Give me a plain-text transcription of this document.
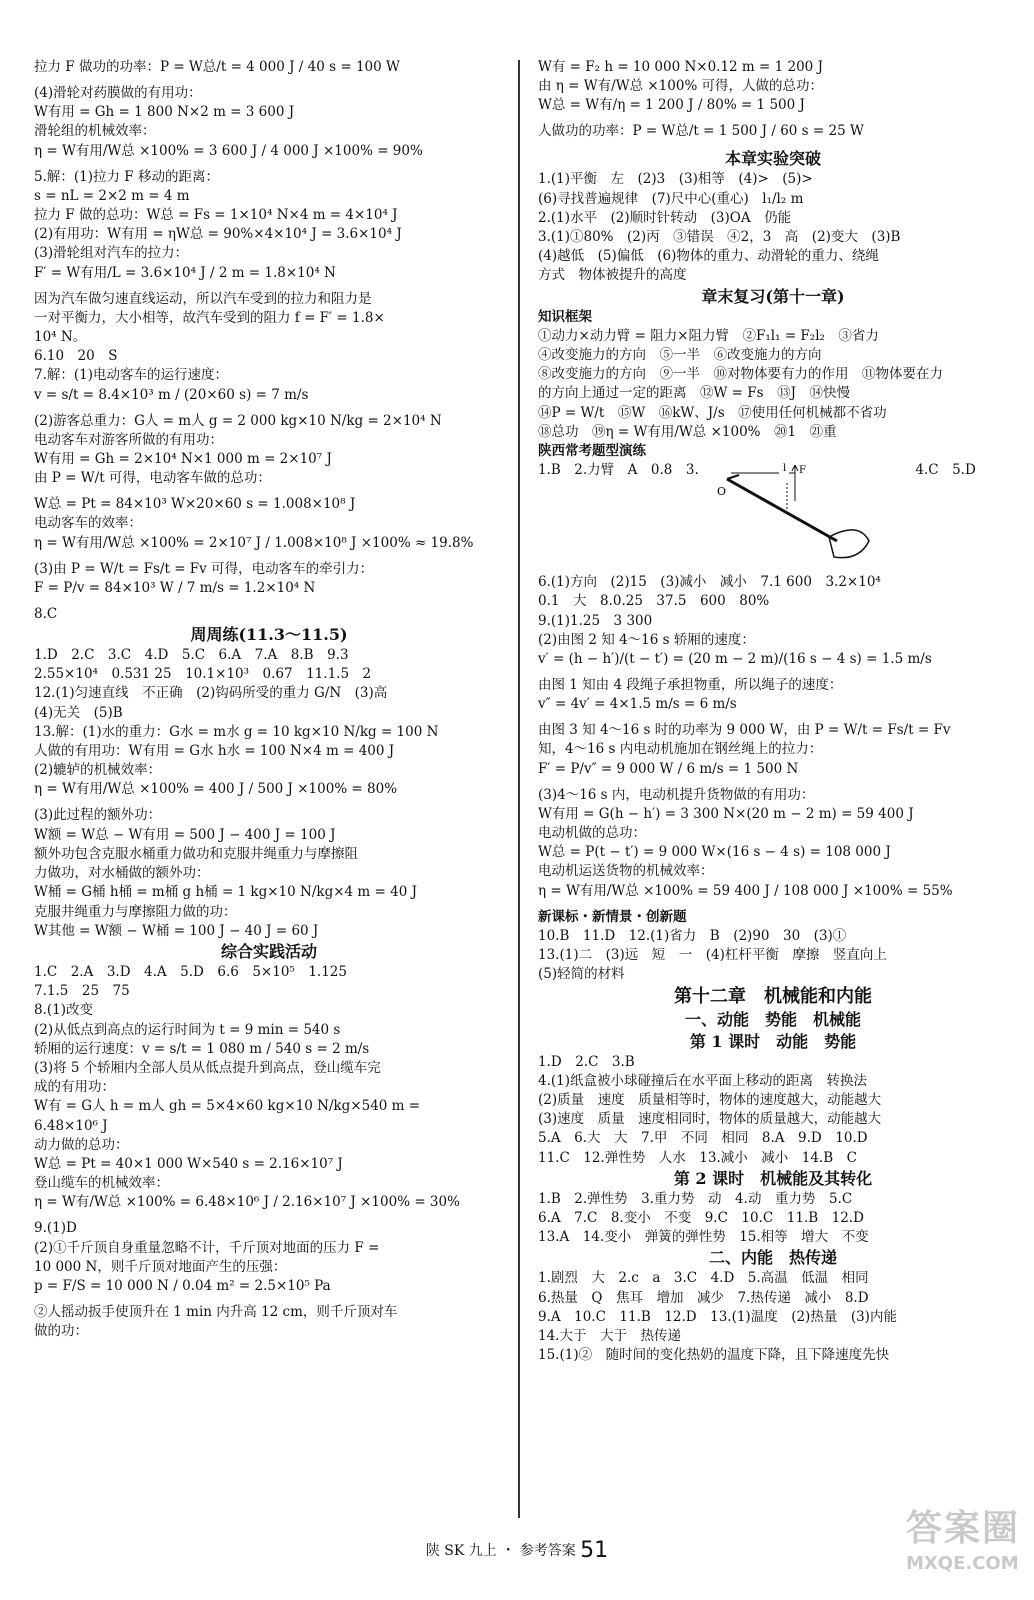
拉力 F 做功的功率：P = W总/t = 4 000 J / 40 s = 100 W
(4)滑轮对药膜做的有用功：
W有用 = Gh = 1 800 N×2 m = 3 600 J
滑轮组的机械效率：
η = W有用/W总 ×100% = 3 600 J / 4 000 J ×100% = 90%
5.解：(1)拉力 F 移动的距离：
s = nL = 2×2 m = 4 m
拉力 F 做的总功：W总 = Fs = 1×10⁴ N×4 m = 4×10⁴ J
(2)有用功：W有用 = ηW总 = 90%×4×10⁴ J = 3.6×10⁴ J
(3)滑轮组对汽车的拉力：
F′ = W有用/L = 3.6×10⁴ J / 2 m = 1.8×10⁴ N
因为汽车做匀速直线运动，所以汽车受到的拉力和阻力是
一对平衡力，大小相等，故汽车受到的阻力 f = F′ = 1.8×
10⁴ N。
6.10　20　S
7.解：(1)电动客车的运行速度：
v = s/t = 8.4×10³ m / (20×60 s) = 7 m/s
(2)游客总重力：G人 = m人 g = 2 000 kg×10 N/kg = 2×10⁴ N
电动客车对游客所做的有用功：
W有用 = Gh = 2×10⁴ N×1 000 m = 2×10⁷ J
由 P = W/t 可得，电动客车做的总功：
W总 = Pt = 84×10³ W×20×60 s = 1.008×10⁸ J
电动客车的效率：
η = W有用/W总 ×100% = 2×10⁷ J / 1.008×10⁸ J ×100% ≈ 19.8%
(3)由 P = W/t = Fs/t = Fv 可得，电动客车的牵引力：
F = P/v = 84×10³ W / 7 m/s = 1.2×10⁴ N
8.C
周周练(11.3～11.5)
1.D　2.C　3.C　4.D　5.C　6.A　7.A　8.B　9.3
2.55×10⁴　0.531 25　10.1×10³　0.67　11.1.5　2
12.(1)匀速直线　不正确　(2)钩码所受的重力 G/N　(3)高
(4)无关　(5)B
13.解：(1)水的重力：G水 = m水 g = 10 kg×10 N/kg = 100 N
人做的有用功：W有用 = G水 h水 = 100 N×4 m = 400 J
(2)辘轳的机械效率：
η = W有用/W总 ×100% = 400 J / 500 J ×100% = 80%
(3)此过程的额外功：
W额 = W总 − W有用 = 500 J − 400 J = 100 J
额外功包含克服水桶重力做功和克服井绳重力与摩擦阻
力做功，对水桶做的额外功：
W桶 = G桶 h桶 = m桶 g h桶 = 1 kg×10 N/kg×4 m = 40 J
克服井绳重力与摩擦阻力做的功：
W其他 = W额 − W桶 = 100 J − 40 J = 60 J
综合实践活动
1.C　2.A　3.D　4.A　5.D　6.6　5×10⁵　1.125
7.1.5　25　75
8.(1)改变
(2)从低点到高点的运行时间为 t = 9 min = 540 s
轿厢的运行速度：v = s/t = 1 080 m / 540 s = 2 m/s
(3)将 5 个轿厢内全部人员从低点提升到高点，登山缆车完
成的有用功：
W有 = G人 h = m人 gh = 5×4×60 kg×10 N/kg×540 m =
6.48×10⁶ J
动力做的总功：
W总 = Pt = 40×1 000 W×540 s = 2.16×10⁷ J
登山缆车的机械效率：
η = W有/W总 ×100% = 6.48×10⁶ J / 2.16×10⁷ J ×100% = 30%
9.(1)D
(2)①千斤顶自身重量忽略不计，千斤顶对地面的压力 F =
10 000 N，则千斤顶对地面产生的压强：
p = F/S = 10 000 N / 0.04 m² = 2.5×10⁵ Pa
②人摇动扳手使顶升在 1 min 内升高 12 cm，则千斤顶对车
做的功：
W有 = F₂ h = 10 000 N×0.12 m = 1 200 J
由 η = W有/W总 ×100% 可得，人做的总功：
W总 = W有/η = 1 200 J / 80% = 1 500 J
人做功的功率：P = W总/t = 1 500 J / 60 s = 25 W
本章实验突破
1.(1)平衡　左　(2)3　(3)相等　(4)>　(5)>
(6)寻找普遍规律　(7)尺中心(重心)　l₁/l₂ m
2.(1)水平　(2)顺时针转动　(3)OA　仍能
3.(1)①80%　(2)丙　③错误　④2，3　高　(2)变大　(3)B
(4)越低　(5)偏低　(6)物体的重力、动滑轮的重力、绕绳
方式　物体被提升的高度
章末复习(第十一章)
知识框架
①动力×动力臂 = 阻力×阻力臂　②F₁l₁ = F₂l₂　③省力
④改变施力的方向　⑤一半　⑥改变施力的方向
⑧改变施力的方向　⑨一半　⑩对物体要有力的作用　⑪物体要在力
的方向上通过一定的距离　⑫W = Fs　⑬J　⑭快慢
⑭P = W/t　⑮W　⑯kW、J/s　⑰使用任何机械都不省功
⑱总功　⑲η = W有用/W总 ×100%　⑳1　㉑重
陕西常考题型演练
1.B　2.力臂　A　0.8　3.	l F
O
　　4.C　5.D
6.(1)方向　(2)15　(3)减小　减小　7.1 600　3.2×10⁴
0.1　大　8.0.25　37.5　600　80%
9.(1)1.25　3 300
(2)由图 2 知 4～16 s 轿厢的速度：
v′ = (h − h′)/(t − t′) = (20 m − 2 m)/(16 s − 4 s) = 1.5 m/s
由图 1 知由 4 段绳子承担物重，所以绳子的速度：
v″ = 4v′ = 4×1.5 m/s = 6 m/s
由图 3 知 4～16 s 时的功率为 9 000 W，由 P = W/t = Fs/t = Fv
知，4～16 s 内电动机施加在钢丝绳上的拉力：
F′ = P/v″ = 9 000 W / 6 m/s = 1 500 N
(3)4～16 s 内，电动机提升货物做的有用功：
W有用 = G(h − h′) = 3 300 N×(20 m − 2 m) = 59 400 J
电动机做的总功：
W总 = P(t − t′) = 9 000 W×(16 s − 4 s) = 108 000 J
电动机运送货物的机械效率：
η = W有用/W总 ×100% = 59 400 J / 108 000 J ×100% = 55%
新课标・新情景・创新题
10.B　11.D　12.(1)省力　B　(2)90　30　(3)①
13.(1)二　(3)远　短　一　(4)杠杆平衡　摩擦　竖直向上
(5)轻简的材料
第十二章　机械能和内能
一、动能　势能　机械能
第 1 课时　动能　势能
1.D　2.C　3.B
4.(1)纸盒被小球碰撞后在水平面上移动的距离　转换法
(2)质量　速度　质量相等时，物体的速度越大，动能越大
(3)速度　质量　速度相同时，物体的质量越大，动能越大
5.A　6.大　大　7.甲　不同　相同　8.A　9.D　10.D
11.C　12.弹性势　人水　13.减小　减小　14.B　C
第 2 课时　机械能及其转化
1.B　2.弹性势　3.重力势　动　4.动　重力势　5.C
6.A　7.C　8.变小　不变　9.C　10.C　11.B　12.D
13.A　14.变小　弹簧的弹性势　15.相等　增大　不变
二、内能　热传递
1.剧烈　大　2.c　a　3.C　4.D　5.高温　低温　相同
6.热量　Q　焦耳　增加　减少　7.热传递　减小　8.D
9.A　10.C　11.B　12.D　13.(1)温度　(2)热量　(3)内能
14.大于　大于　热传递
15.(1)②　随时间的变化热奶的温度下降，且下降速度先快
陕 SK 九上 ・ 参考答案 51
答案圈
MXQE.COM
